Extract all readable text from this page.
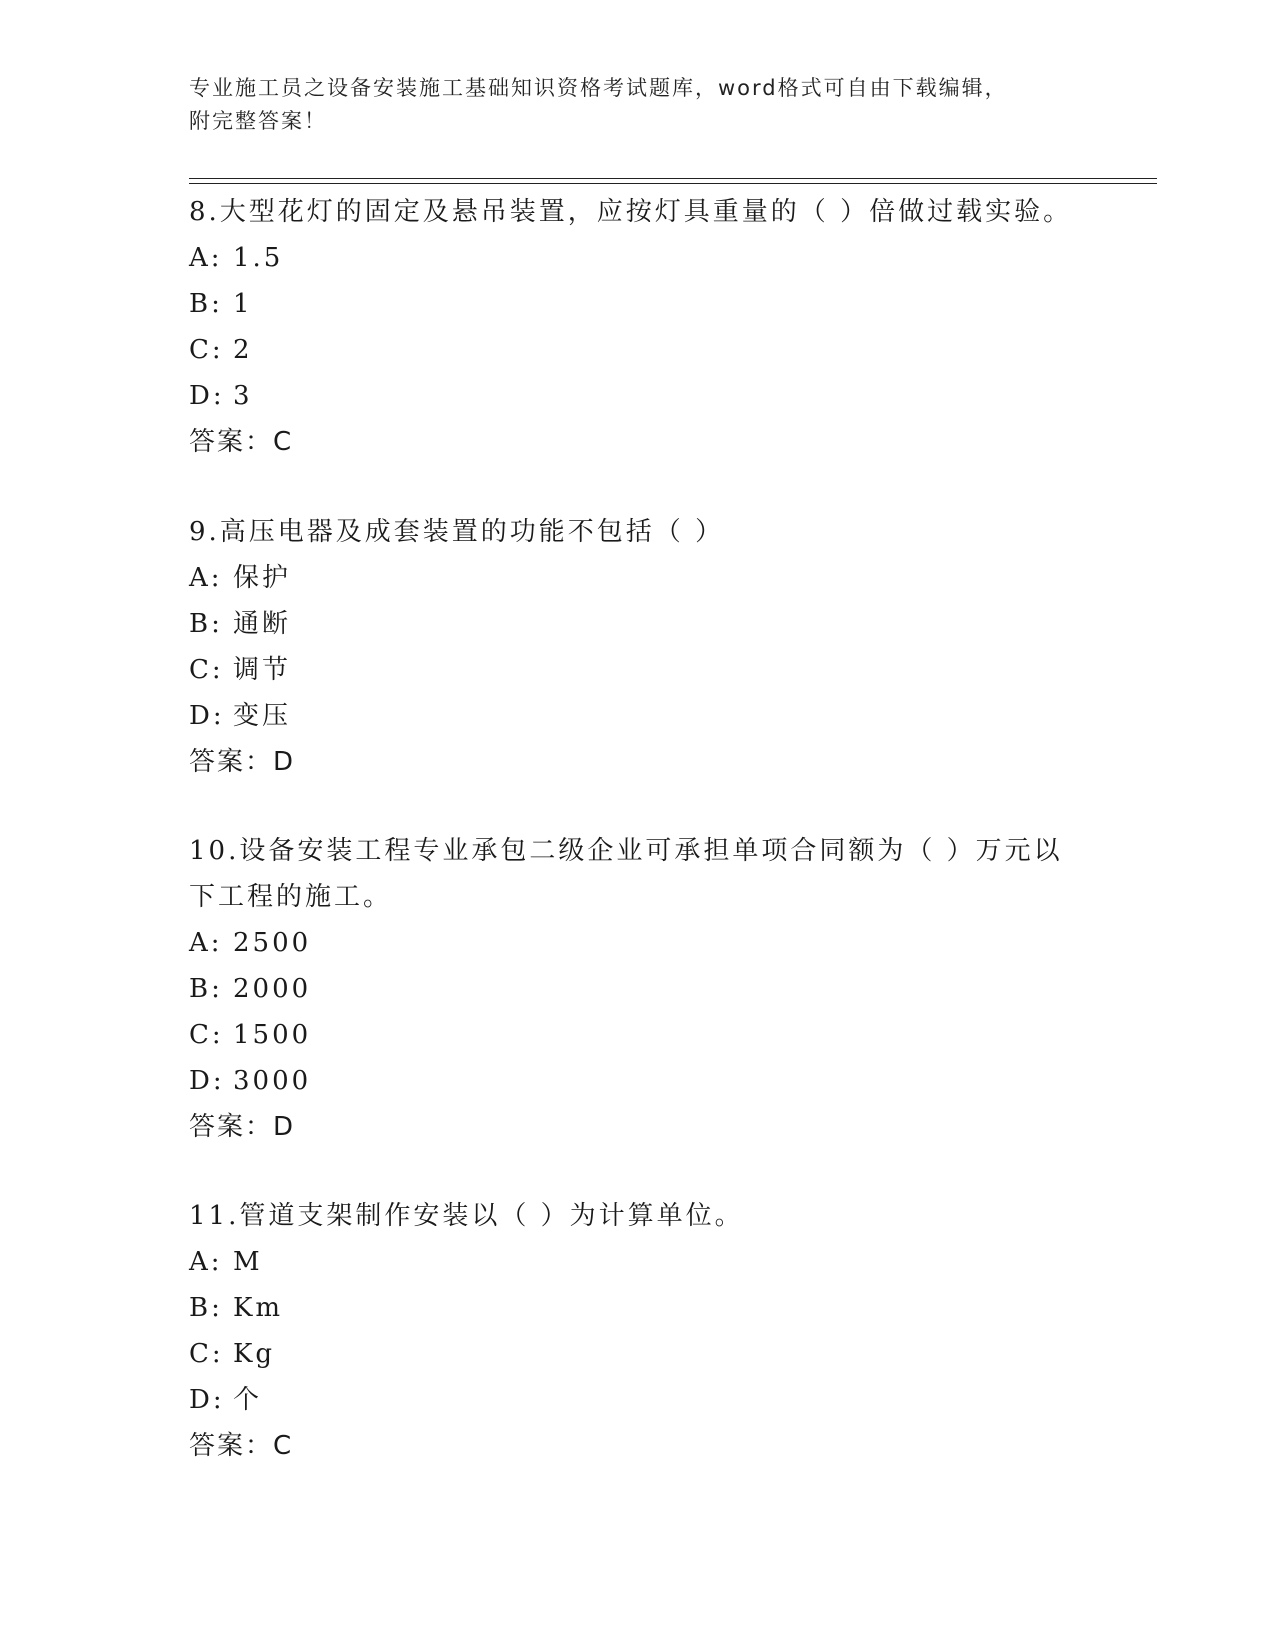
专业施工员之设备安装施工基础知识资格考试题库，word格式可自由下载编辑，
附完整答案！

8.大型花灯的固定及悬吊装置，应按灯具重量的（ ）倍做过载实验。

A: 1.5

B: 1

C: 2

D: 3

答案：C

9.高压电器及成套装置的功能不包括（ ）

A: 保护

B: 通断

C: 调节

D: 变压

答案：D

10.设备安装工程专业承包二级企业可承担单项合同额为（ ）万元以下工程的施工。

A: 2500

B: 2000

C: 1500

D: 3000

答案：D

11.管道支架制作安装以（ ）为计算单位。

A: M

B: Km

C: Kg

D: 个

答案：C
